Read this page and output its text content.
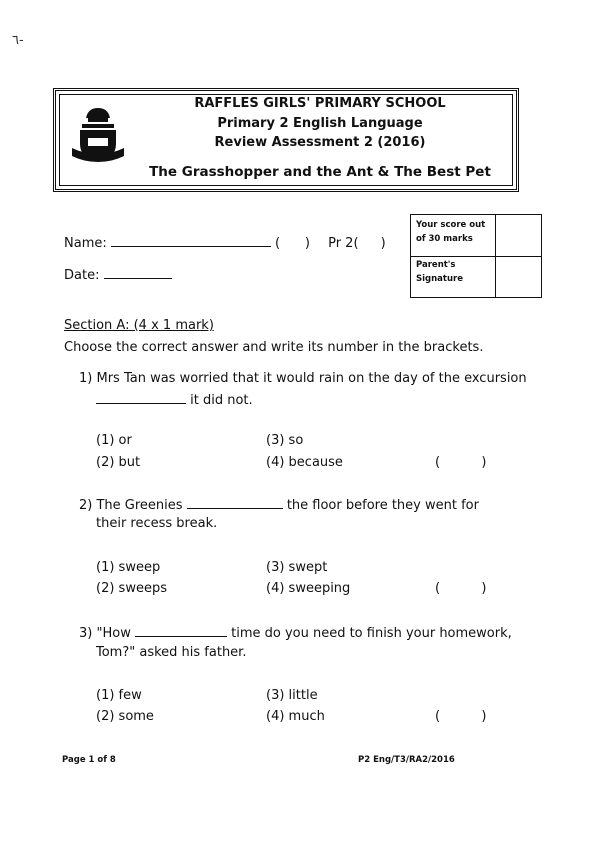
٦-
RAFFLES GIRLS' PRIMARY SCHOOL
Primary 2 English Language
Review Assessment 2 (2016)
The Grasshopper and the Ant & The Best Pet
Your score out of 30 marks
Parent's Signature
Name:	(      ) Pr 2( )
Date:
Section A: (4 x 1 mark)
Choose the correct answer and write its number in the brackets.
1) Mrs Tan was worried that it would rain on the day of the excursion
it did not.
(1) or	(3) so
(2) but	(4) because	(          )
2) The Greenies	the floor before they went for
their recess break.
(1) sweep	(3) swept
(2) sweeps	(4) sweeping	(          )
3) "How	time do you need to finish your homework,
Tom?" asked his father.
(1) few	(3) little
(2) some	(4) much	(          )
Page 1 of 8	P2 Eng/T3/RA2/2016
